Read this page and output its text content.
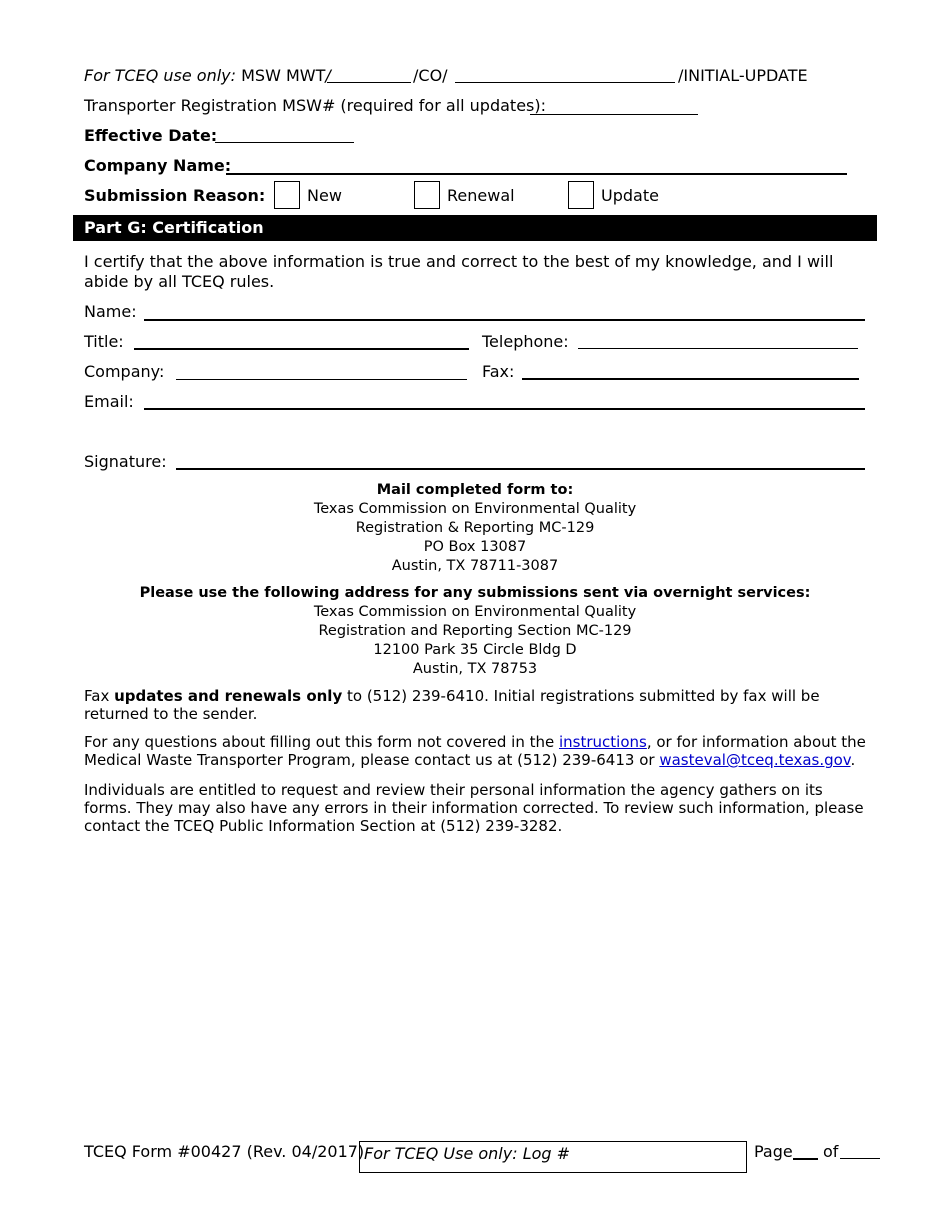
For TCEQ use only: MSW MWT/	/CO/	/INITIAL-UPDATE
Transporter Registration MSW# (required for all updates):
Effective Date:
Company Name:
Submission Reason:	New	Renewal	Update
Part G: Certification
I certify that the above information is true and correct to the best of my knowledge, and I will abide by all TCEQ rules.
Name:
Title:	Telephone:
Company:	Fax:
Email:
Signature:
Mail completed form to:
Texas Commission on Environmental Quality
Registration & Reporting MC-129
PO Box 13087
Austin, TX 78711-3087
Please use the following address for any submissions sent via overnight services:
Texas Commission on Environmental Quality
Registration and Reporting Section MC-129
12100 Park 35 Circle Bldg D
Austin, TX 78753
Fax updates and renewals only to (512) 239-6410. Initial registrations submitted by fax will be returned to the sender.
For any questions about filling out this form not covered in the instructions, or for information about the Medical Waste Transporter Program, please contact us at (512) 239-6413 or wasteval@tceq.texas.gov.
Individuals are entitled to request and review their personal information the agency gathers on its forms. They may also have any errors in their information corrected. To review such information, please contact the TCEQ Public Information Section at (512) 239-3282.
TCEQ Form #00427 (Rev. 04/2017) For TCEQ Use only: Log #	Page of
